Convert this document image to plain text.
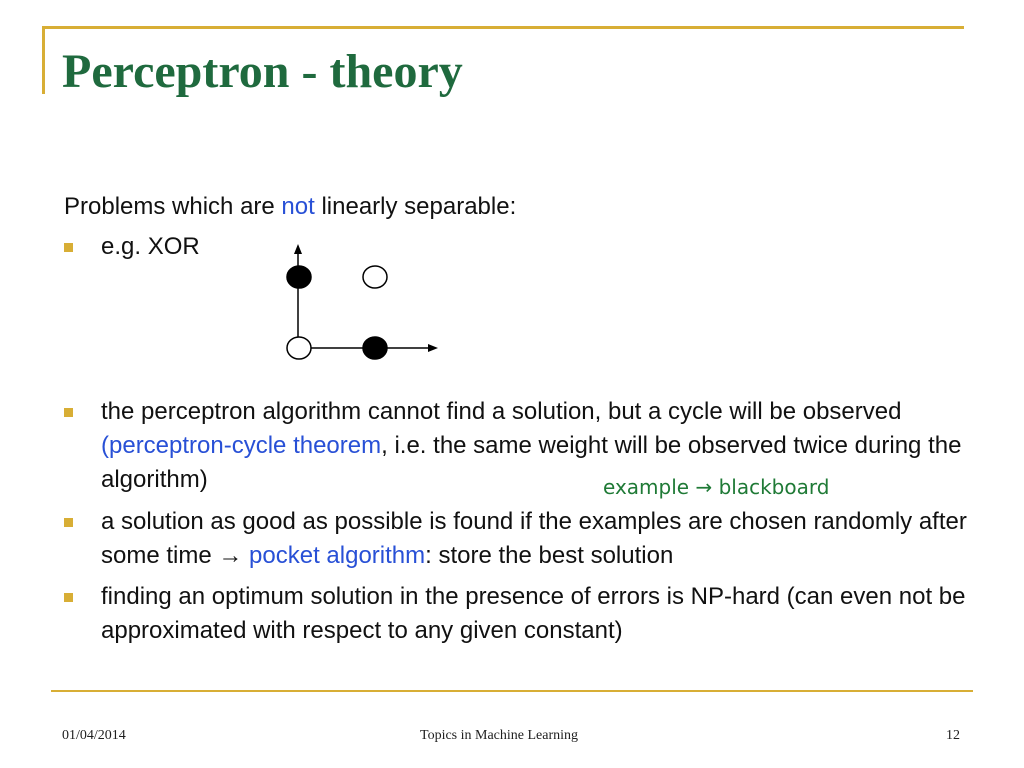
Perceptron - theory
Problems which are not linearly separable:
e.g. XOR
the perceptron algorithm cannot find a solution, but a cycle will be observed (perceptron-cycle theorem, i.e. the same weight will be observed twice during the algorithm)	example → blackboard
a solution as good as possible is found if the examples are chosen randomly after some time → pocket algorithm: store the best solution
finding an optimum solution in the presence of errors is NP-hard (can even not be approximated with respect to any given constant)
01/04/2014	Topics in Machine Learning	12
